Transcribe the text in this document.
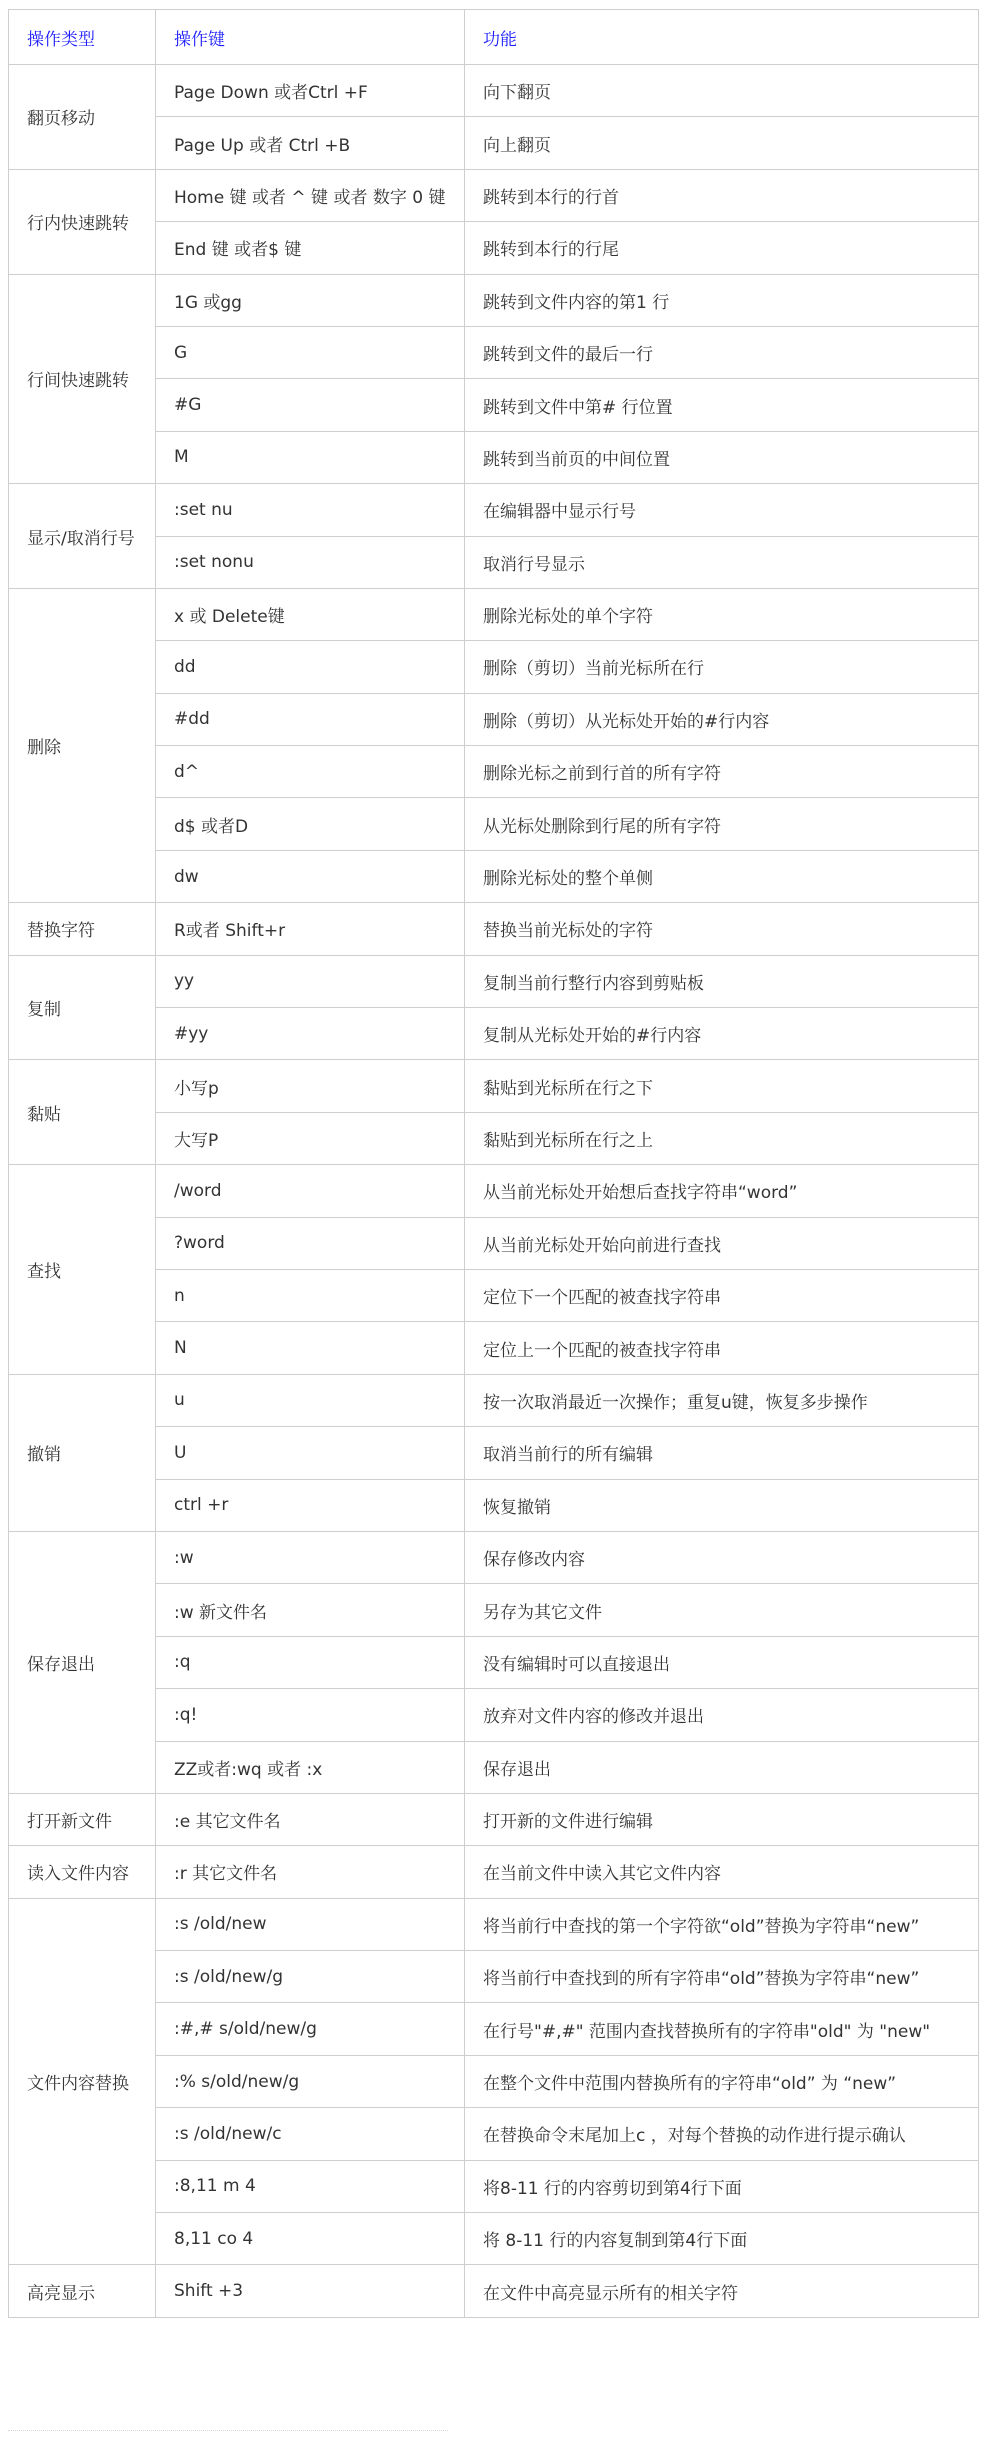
操作类型	操作键	功能
翻页移动	Page Down 或者Ctrl +F	向下翻页
	Page Up 或者 Ctrl +B	向上翻页
行内快速跳转	Home 键 或者 ^ 键 或者 数字 0 键	跳转到本行的行首
	End 键 或者$ 键	跳转到本行的行尾
行间快速跳转	1G 或gg	跳转到文件内容的第1 行
	G	跳转到文件的最后一行
	#G	跳转到文件中第# 行位置
	M	跳转到当前页的中间位置
显示/取消行号	:set nu	在编辑器中显示行号
	:set nonu	取消行号显示
删除	x 或 Delete键	删除光标处的单个字符
	dd	删除（剪切）当前光标所在行
	#dd	删除（剪切）从光标处开始的#行内容
	d^	删除光标之前到行首的所有字符
	d$ 或者D	从光标处删除到行尾的所有字符
	dw	删除光标处的整个单侧
替换字符	R或者 Shift+r	替换当前光标处的字符
复制	yy	复制当前行整行内容到剪贴板
	#yy	复制从光标处开始的#行内容
黏贴	小写p	黏贴到光标所在行之下
	大写P	黏贴到光标所在行之上
查找	/word	从当前光标处开始想后查找字符串“word”
	?word	从当前光标处开始向前进行查找
	n	定位下一个匹配的被查找字符串
	N	定位上一个匹配的被查找字符串
撤销	u	按一次取消最近一次操作；重复u键，恢复多步操作
	U	取消当前行的所有编辑
	ctrl +r	恢复撤销
保存退出	:w	保存修改内容
	:w 新文件名	另存为其它文件
	:q	没有编辑时可以直接退出
	:q!	放弃对文件内容的修改并退出
	ZZ或者:wq 或者 :x	保存退出
打开新文件	:e 其它文件名	打开新的文件进行编辑
读入文件内容	:r 其它文件名	在当前文件中读入其它文件内容
文件内容替换	:s /old/new	将当前行中查找的第一个字符欲“old”替换为字符串“new”
	:s /old/new/g	将当前行中查找到的所有字符串“old”替换为字符串“new”
	:#,# s/old/new/g	在行号"#,#" 范围内查找替换所有的字符串"old" 为 "new"
	:% s/old/new/g	在整个文件中范围内替换所有的字符串“old” 为 “new”
	:s /old/new/c	在替换命令末尾加上c ，对每个替换的动作进行提示确认
	:8,11 m 4	将8-11 行的内容剪切到第4行下面
	8,11 co 4	将 8-11 行的内容复制到第4行下面
高亮显示	Shift +3	在文件中高亮显示所有的相关字符
